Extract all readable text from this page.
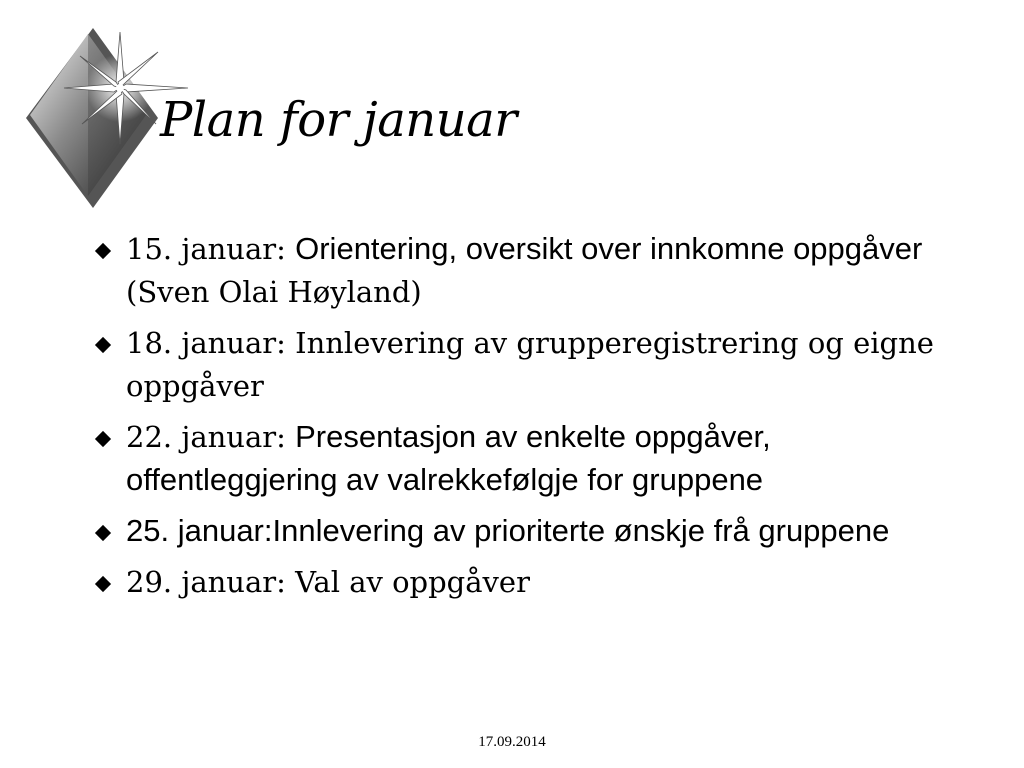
Plan for januar
15. januar: Orientering, oversikt over innkomne oppgåver (Sven Olai Høyland)
18. januar: Innlevering av grupperegistrering og eigne oppgåver
22. januar: Presentasjon av enkelte oppgåver, offentleggjering av valrekkefølgje for gruppene
25. januar:Innlevering av prioriterte ønskje frå gruppene
29. januar: Val av oppgåver
17.09.2014
